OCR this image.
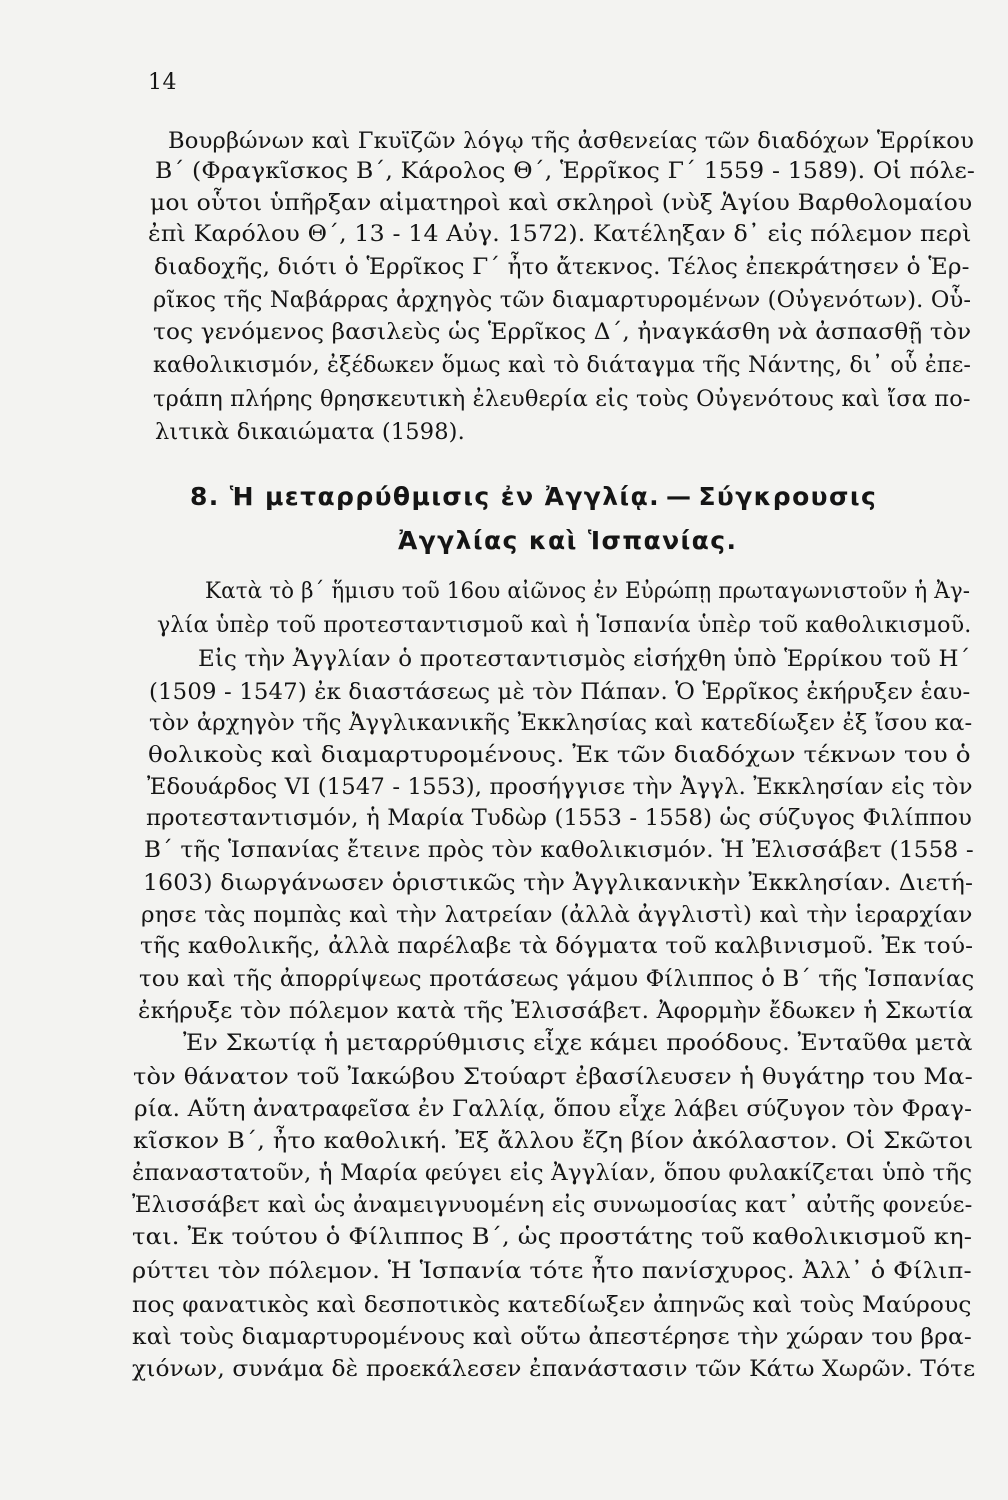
14
Βουρβώνων καὶ Γκυϊζῶν λόγῳ τῆς ἀσθενείας τῶν διαδόχων Ἑρρίκου
Β΄ (Φραγκῖσκος Β΄, Κάρολος Θ΄, Ἑρρῖκος Γ΄ 1559 - 1589). Οἱ πόλε-
μοι οὗτοι ὑπῆρξαν αἱματηροὶ καὶ σκληροὶ (νὺξ Ἁγίου Βαρθολομαίου
ἐπὶ Καρόλου Θ΄, 13 - 14 Αὐγ. 1572). Κατέληξαν δ᾽ εἰς πόλεμον περὶ
διαδοχῆς, διότι ὁ Ἑρρῖκος Γ΄ ἦτο ἄτεκνος. Τέλος ἐπεκράτησεν ὁ Ἑρ-
ρῖκος τῆς Ναβάρρας ἀρχηγὸς τῶν διαμαρτυρομένων (Οὐγενότων). Οὗ-
τος γενόμενος βασιλεὺς ὡς Ἑρρῖκος Δ΄, ἠναγκάσθη νὰ ἀσπασθῇ τὸν
καθολικισμόν, ἐξέδωκεν ὅμως καὶ τὸ διάταγμα τῆς Νάντης, δι᾽ οὗ ἐπε-
τράπη πλήρης θρησκευτικὴ ἐλευθερία εἰς τοὺς Οὐγενότους καὶ ἴσα πο-
λιτικὰ δικαιώματα (1598).
8. Ἡ μεταρρύθμισις ἐν Ἀγγλίᾳ. — Σύγκρουσις
Ἀγγλίας καὶ Ἱσπανίας.
Κατὰ τὸ β΄ ἥμισυ τοῦ 16ου αἰῶνος ἐν Εὐρώπῃ πρωταγωνιστοῦν ἡ Ἀγ-
γλία ὑπὲρ τοῦ προτεσταντισμοῦ καὶ ἡ Ἱσπανία ὑπὲρ τοῦ καθολικισμοῦ.
Εἰς τὴν Ἀγγλίαν ὁ προτεσταντισμὸς εἰσήχθη ὑπὸ Ἑρρίκου τοῦ Η΄
(1509 - 1547) ἐκ διαστάσεως μὲ τὸν Πάπαν. Ὁ Ἑρρῖκος ἐκήρυξεν ἑαυ-
τὸν ἀρχηγὸν τῆς Ἀγγλικανικῆς Ἐκκλησίας καὶ κατεδίωξεν ἐξ ἴσου κα-
θολικοὺς καὶ διαμαρτυρομένους. Ἐκ τῶν διαδόχων τέκνων του ὁ
Ἐδουάρδος VI (1547 - 1553), προσήγγισε τὴν Ἀγγλ. Ἐκκλησίαν εἰς τὸν
προτεσταντισμόν, ἡ Μαρία Τυδὼρ (1553 - 1558) ὡς σύζυγος Φιλίππου
Β΄ τῆς Ἱσπανίας ἔτεινε πρὸς τὸν καθολικισμόν. Ἡ Ἐλισσάβετ (1558 -
1603) διωργάνωσεν ὁριστικῶς τὴν Ἀγγλικανικὴν Ἐκκλησίαν. Διετή-
ρησε τὰς πομπὰς καὶ τὴν λατρείαν (ἀλλὰ ἀγγλιστὶ) καὶ τὴν ἱεραρχίαν
τῆς καθολικῆς, ἀλλὰ παρέλαβε τὰ δόγματα τοῦ καλβινισμοῦ. Ἐκ τού-
του καὶ τῆς ἀπορρίψεως προτάσεως γάμου Φίλιππος ὁ Β΄ τῆς Ἱσπανίας
ἐκήρυξε τὸν πόλεμον κατὰ τῆς Ἐλισσάβετ. Ἀφορμὴν ἔδωκεν ἡ Σκωτία
Ἐν Σκωτίᾳ ἡ μεταρρύθμισις εἶχε κάμει προόδους. Ἐνταῦθα μετὰ
τὸν θάνατον τοῦ Ἰακώβου Στούαρτ ἐβασίλευσεν ἡ θυγάτηρ του Μα-
ρία. Αὕτη ἀνατραφεῖσα ἐν Γαλλίᾳ, ὅπου εἶχε λάβει σύζυγον τὸν Φραγ-
κῖσκον Β΄, ἦτο καθολική. Ἐξ ἄλλου ἔζη βίον ἀκόλαστον. Οἱ Σκῶτοι
ἐπαναστατοῦν, ἡ Μαρία φεύγει εἰς Ἀγγλίαν, ὅπου φυλακίζεται ὑπὸ τῆς
Ἐλισσάβετ καὶ ὡς ἀναμειγνυομένη εἰς συνωμοσίας κατ᾽ αὐτῆς φονεύε-
ται. Ἐκ τούτου ὁ Φίλιππος Β΄, ὡς προστάτης τοῦ καθολικισμοῦ κη-
ρύττει τὸν πόλεμον. Ἡ Ἱσπανία τότε ἦτο πανίσχυρος. Ἀλλ᾽ ὁ Φίλιπ-
πος φανατικὸς καὶ δεσποτικὸς κατεδίωξεν ἀπηνῶς καὶ τοὺς Μαύρους
καὶ τοὺς διαμαρτυρομένους καὶ οὕτω ἀπεστέρησε τὴν χώραν του βρα-
χιόνων, συνάμα δὲ προεκάλεσεν ἐπανάστασιν τῶν Κάτω Χωρῶν. Τότε
